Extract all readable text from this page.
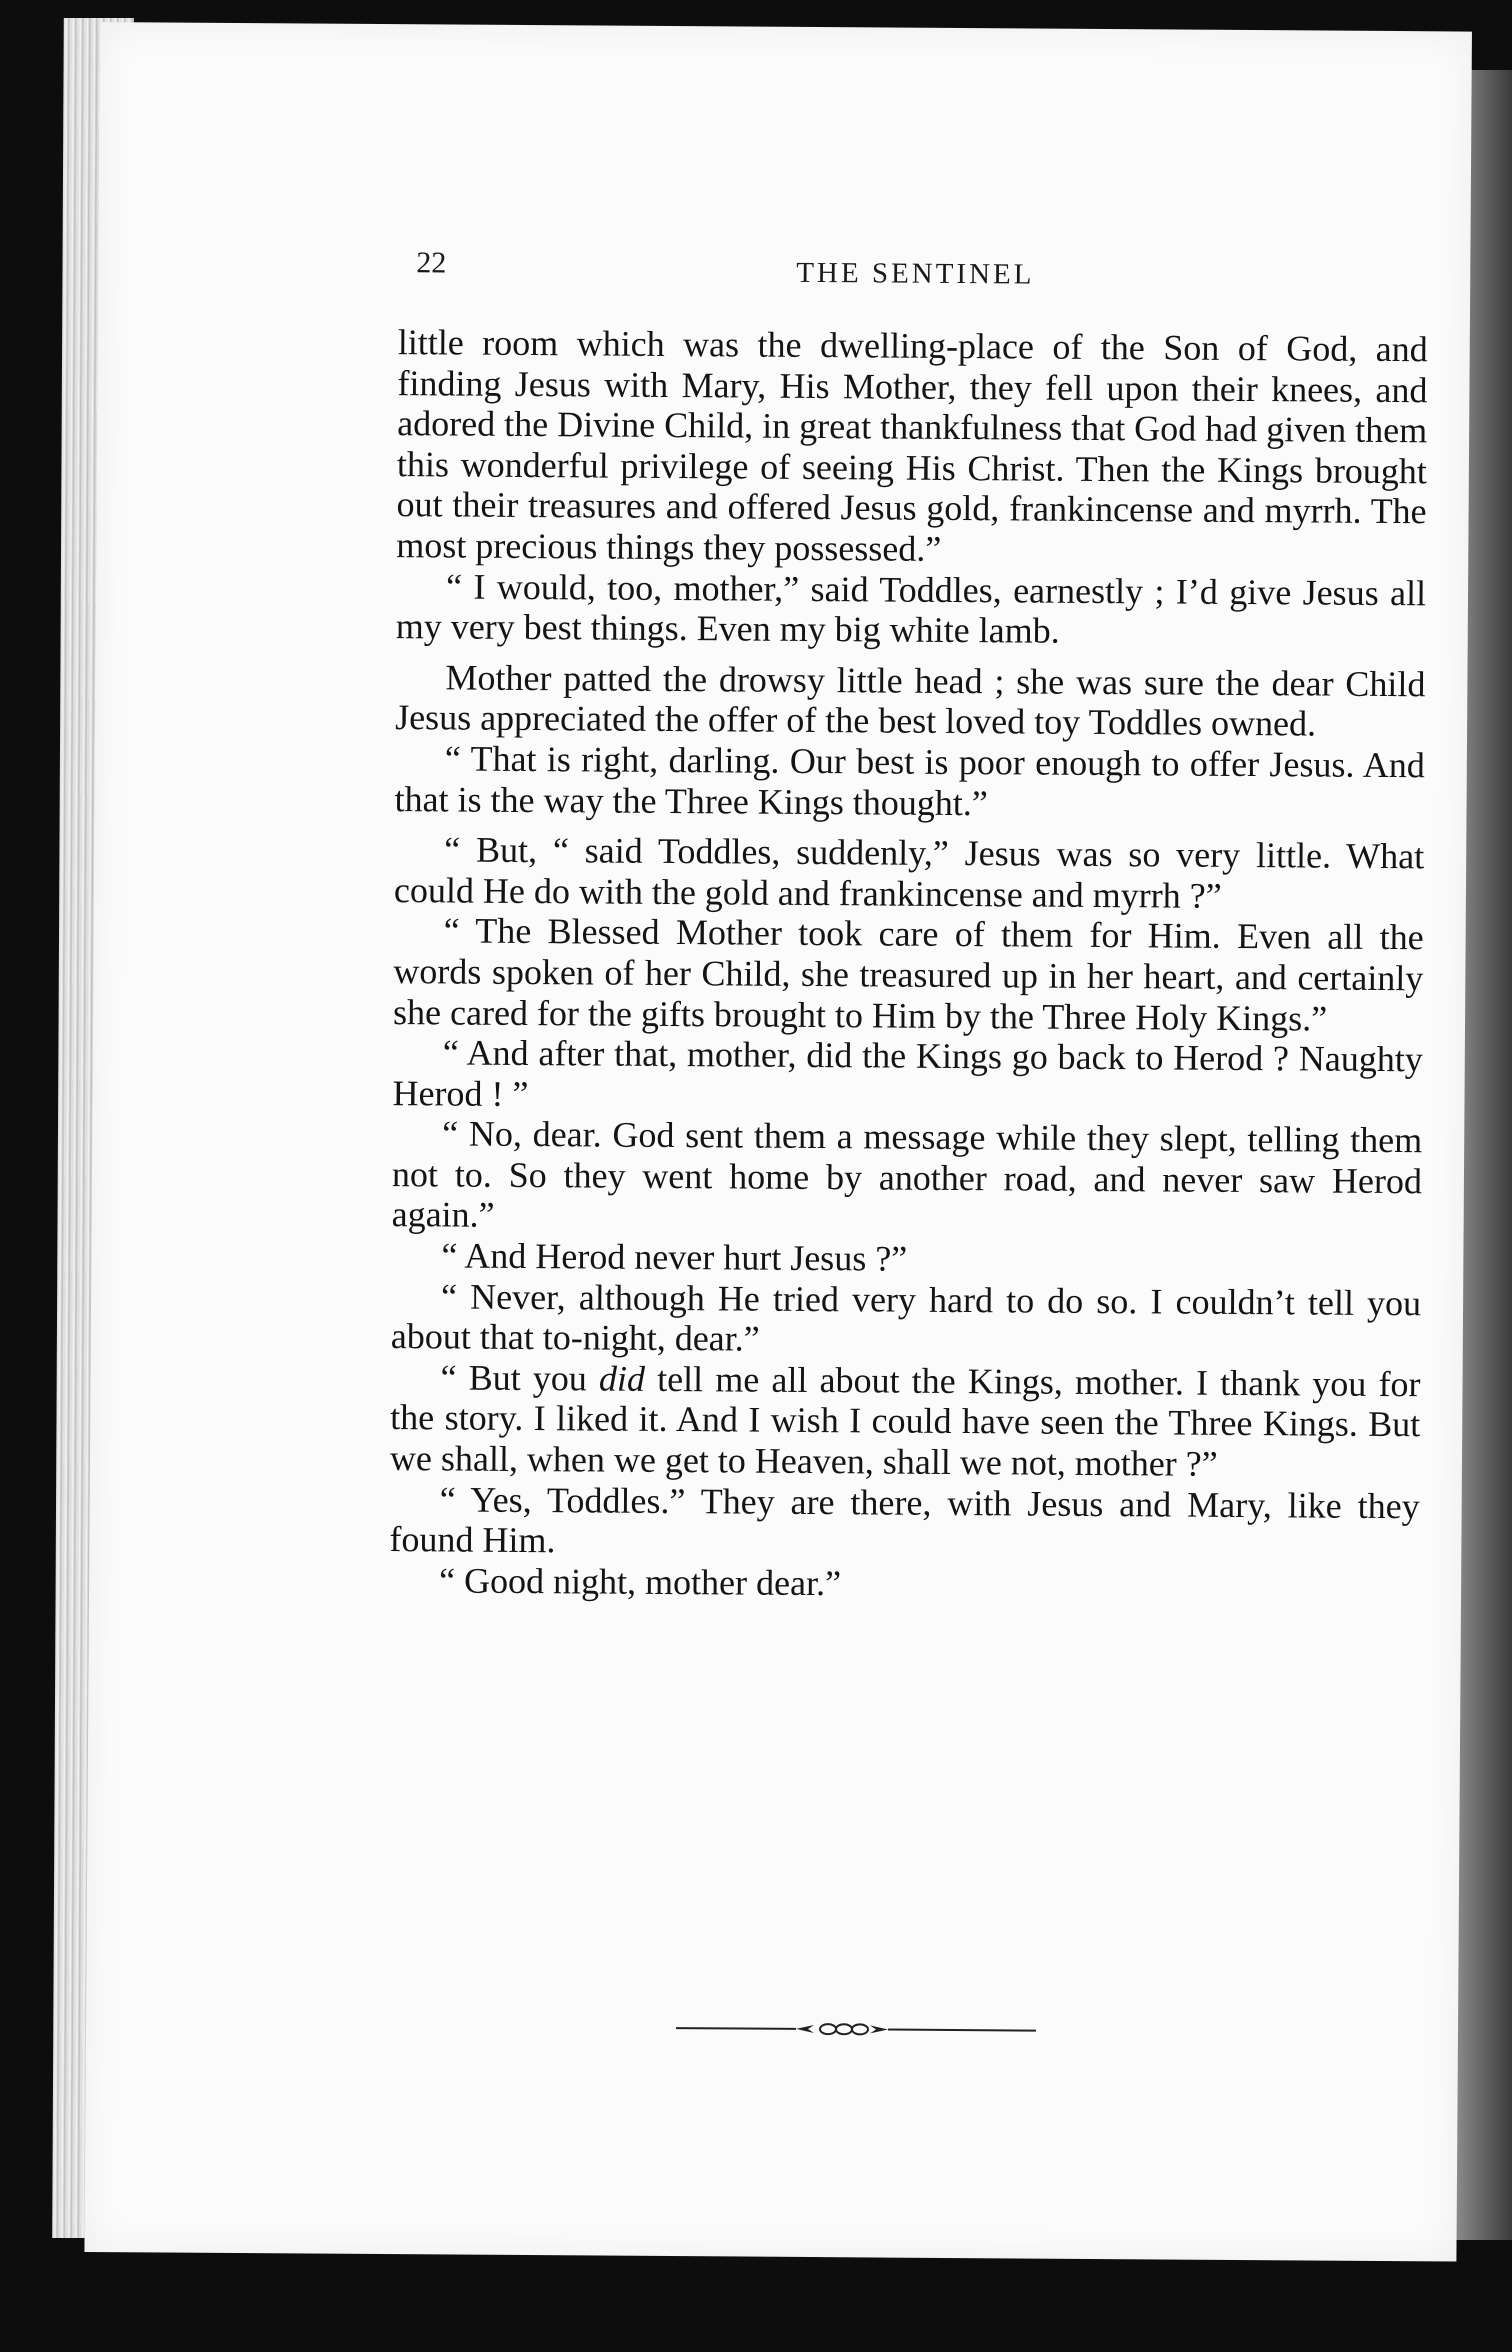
22	THE SENTINEL

little room which was the dwelling-place of the Son of God, and finding Jesus with Mary, His Mother, they fell upon their knees, and adored the Divine Child, in great thankfulness that God had given them this wonderful privilege of seeing His Christ. Then the Kings brought out their treasures and offered Jesus gold, frankincense and myrrh. The most precious things they possessed.”

“ I would, too, mother,” said Toddles, earnestly ; I’d give Jesus all my very best things. Even my big white lamb.

Mother patted the drowsy little head ; she was sure the dear Child Jesus appreciated the offer of the best loved toy Toddles owned.

“ That is right, darling. Our best is poor enough to offer Jesus. And that is the way the Three Kings thought.”

“ But, “ said Toddles, suddenly,” Jesus was so very little. What could He do with the gold and frankincense and myrrh ?”

“ The Blessed Mother took care of them for Him. Even all the words spoken of her Child, she treasured up in her heart, and certainly she cared for the gifts brought to Him by the Three Holy Kings.”

“ And after that, mother, did the Kings go back to Herod ? Naughty Herod ! ”

“ No, dear. God sent them a message while they slept, telling them not to. So they went home by another road, and never saw Herod again.”

“ And Herod never hurt Jesus ?”

“ Never, although He tried very hard to do so. I couldn’t tell you about that to-night, dear.”

“ But you did tell me all about the Kings, mother. I thank you for the story. I liked it. And I wish I could have seen the Three Kings. But we shall, when we get to Heaven, shall we not, mother ?”

“ Yes, Toddles.” They are there, with Jesus and Mary, like they found Him.

“ Good night, mother dear.”
